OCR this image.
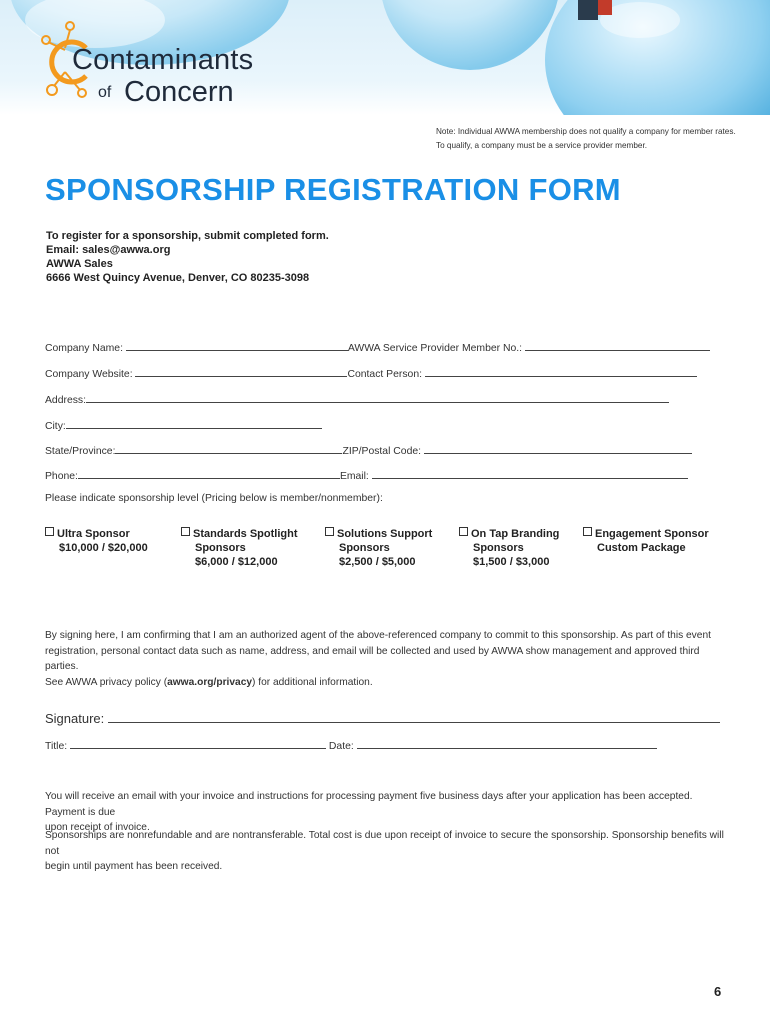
Contaminants
of Concern
Note: Individual AWWA membership does not qualify a company for member rates.
To qualify, a company must be a service provider member.
SPONSORSHIP REGISTRATION FORM
To register for a sponsorship, submit completed form.
Email: sales@awwa.org
AWWA Sales
6666 West Quincy Avenue, Denver, CO 80235-3098
Company Name:	AWWA Service Provider Member No.:
Company Website:	Contact Person:
Address:
City:
State/Province:	ZIP/Postal Code:
Phone:	Email:
Please indicate sponsorship level (Pricing below is member/nonmember):
Ultra Sponsor
$10,000 / $20,000
Standards Spotlight
Sponsors
$6,000 / $12,000
Solutions Support
Sponsors
$2,500 / $5,000
On Tap Branding
Sponsors
$1,500 / $3,000
Engagement Sponsor
Custom Package
By signing here, I am confirming that I am an authorized agent of the above-referenced company to commit to this sponsorship. As part of this event
registration, personal contact data such as name, address, and email will be collected and used by AWWA show management and approved third parties.
See AWWA privacy policy (awwa.org/privacy) for additional information.
Signature:
Title:	Date:
You will receive an email with your invoice and instructions for processing payment five business days after your application has been accepted. Payment is due
upon receipt of invoice.
Sponsorships are nonrefundable and are nontransferable. Total cost is due upon receipt of invoice to secure the sponsorship. Sponsorship benefits will not
begin until payment has been received.
6
